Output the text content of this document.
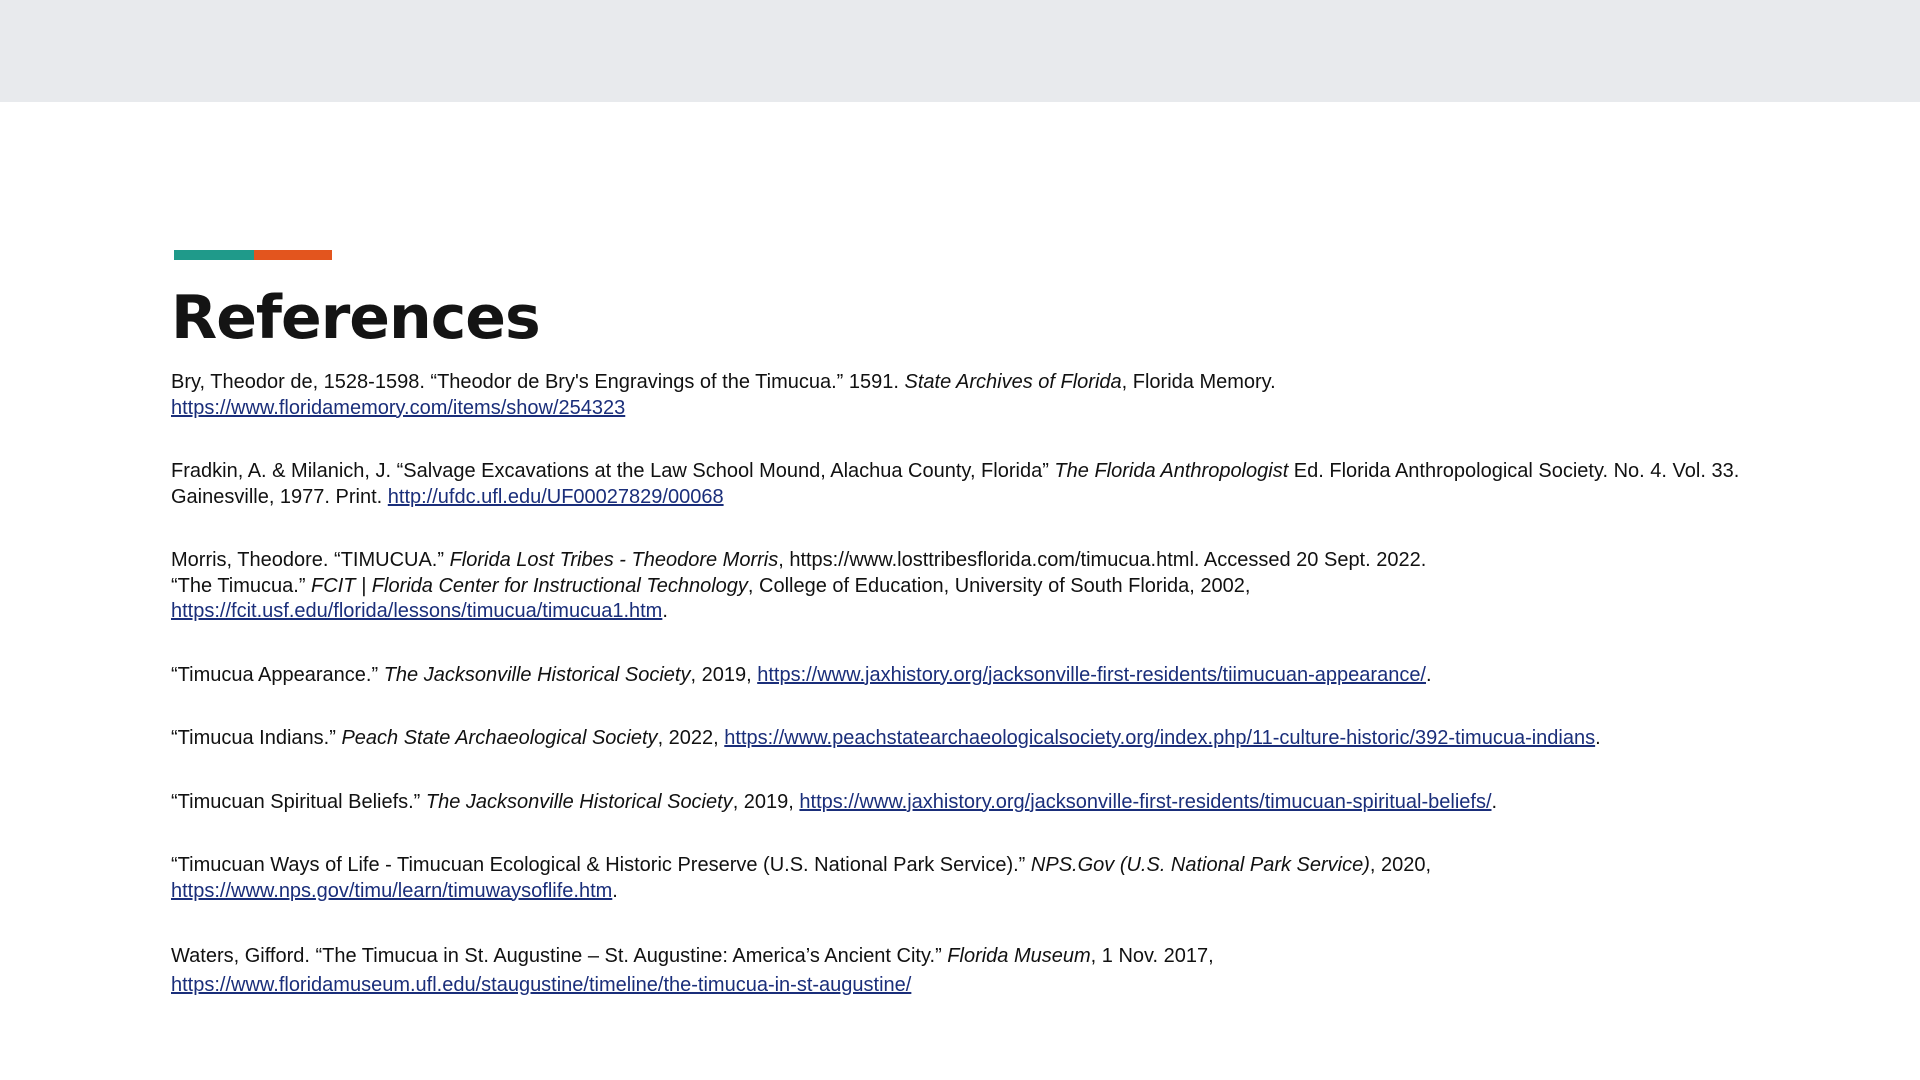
References

Bry, Theodor de, 1528-1598. “Theodor de Bry's Engravings of the Timucua.” 1591. State Archives of Florida, Florida Memory.
https://www.floridamemory.com/items/show/254323

Fradkin, A. & Milanich, J. “Salvage Excavations at the Law School Mound, Alachua County, Florida” The Florida Anthropologist Ed. Florida Anthropological Society. No. 4. Vol. 33. Gainesville, 1977. Print. http://ufdc.ufl.edu/UF00027829/00068

Morris, Theodore. “TIMUCUA.” Florida Lost Tribes - Theodore Morris, https://www.losttribesflorida.com/timucua.html. Accessed 20 Sept. 2022.

“The Timucua.” FCIT | Florida Center for Instructional Technology, College of Education, University of South Florida, 2002,
https://fcit.usf.edu/florida/lessons/timucua/timucua1.htm.

“Timucua Appearance.” The Jacksonville Historical Society, 2019, https://www.jaxhistory.org/jacksonville-first-residents/tiimucuan-appearance/.

“Timucua Indians.” Peach State Archaeological Society, 2022, https://www.peachstatearchaeologicalsociety.org/index.php/11-culture-historic/392-timucua-indians.

“Timucuan Spiritual Beliefs.” The Jacksonville Historical Society, 2019, https://www.jaxhistory.org/jacksonville-first-residents/timucuan-spiritual-beliefs/.

“Timucuan Ways of Life - Timucuan Ecological & Historic Preserve (U.S. National Park Service).” NPS.Gov (U.S. National Park Service), 2020,
https://www.nps.gov/timu/learn/timuwaysoflife.htm.

Waters, Gifford. “The Timucua in St. Augustine – St. Augustine: America’s Ancient City.” Florida Museum, 1 Nov. 2017,
https://www.floridamuseum.ufl.edu/staugustine/timeline/the-timucua-in-st-augustine/
